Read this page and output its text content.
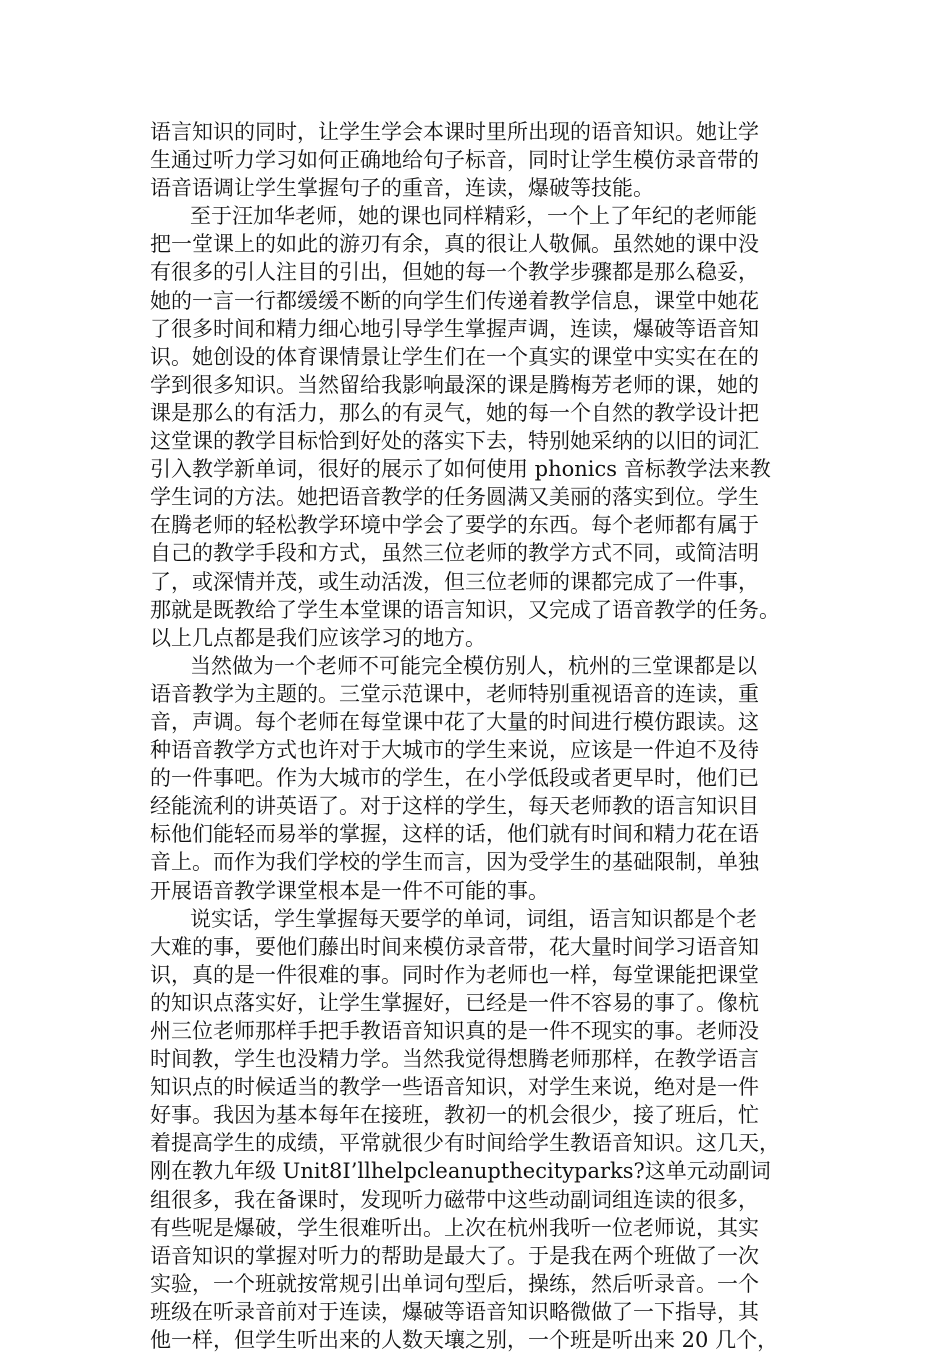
语言知识的同时，让学生学会本课时里所出现的语音知识。她让学
生通过听力学习如何正确地给句子标音，同时让学生模仿录音带的
语音语调让学生掌握句子的重音，连读，爆破等技能。
至于汪加华老师，她的课也同样精彩，一个上了年纪的老师能
把一堂课上的如此的游刃有余，真的很让人敬佩。虽然她的课中没
有很多的引人注目的引出，但她的每一个教学步骤都是那么稳妥，
她的一言一行都缓缓不断的向学生们传递着教学信息，课堂中她花
了很多时间和精力细心地引导学生掌握声调，连读，爆破等语音知
识。她创设的体育课情景让学生们在一个真实的课堂中实实在在的
学到很多知识。当然留给我影响最深的课是腾梅芳老师的课，她的
课是那么的有活力，那么的有灵气，她的每一个自然的教学设计把
这堂课的教学目标恰到好处的落实下去，特别她采纳的以旧的词汇
引入教学新单词，很好的展示了如何使用 phonics 音标教学法来教
学生词的方法。她把语音教学的任务圆满又美丽的落实到位。学生
在腾老师的轻松教学环境中学会了要学的东西。每个老师都有属于
自己的教学手段和方式，虽然三位老师的教学方式不同，或简洁明
了，或深情并茂，或生动活泼，但三位老师的课都完成了一件事，
那就是既教给了学生本堂课的语言知识，又完成了语音教学的任务。
以上几点都是我们应该学习的地方。
当然做为一个老师不可能完全模仿别人，杭州的三堂课都是以
语音教学为主题的。三堂示范课中，老师特别重视语音的连读，重
音，声调。每个老师在每堂课中花了大量的时间进行模仿跟读。这
种语音教学方式也许对于大城市的学生来说，应该是一件迫不及待
的一件事吧。作为大城市的学生，在小学低段或者更早时，他们已
经能流利的讲英语了。对于这样的学生，每天老师教的语言知识目
标他们能轻而易举的掌握，这样的话，他们就有时间和精力花在语
音上。而作为我们学校的学生而言，因为受学生的基础限制，单独
开展语音教学课堂根本是一件不可能的事。
说实话，学生掌握每天要学的单词，词组，语言知识都是个老
大难的事，要他们藤出时间来模仿录音带，花大量时间学习语音知
识，真的是一件很难的事。同时作为老师也一样，每堂课能把课堂
的知识点落实好，让学生掌握好，已经是一件不容易的事了。像杭
州三位老师那样手把手教语音知识真的是一件不现实的事。老师没
时间教，学生也没精力学。当然我觉得想腾老师那样，在教学语言
知识点的时候适当的教学一些语音知识，对学生来说，绝对是一件
好事。我因为基本每年在接班，教初一的机会很少，接了班后，忙
着提高学生的成绩，平常就很少有时间给学生教语音知识。这几天，
刚在教九年级 Unit8I’llhelpcleanupthecityparks?这单元动副词
组很多，我在备课时，发现听力磁带中这些动副词组连读的很多，
有些呢是爆破，学生很难听出。上次在杭州我听一位老师说，其实
语音知识的掌握对听力的帮助是最大了。于是我在两个班做了一次
实验，一个班就按常规引出单词句型后，操练，然后听录音。一个
班级在听录音前对于连读，爆破等语音知识略微做了一下指导，其
他一样，但学生听出来的人数天壤之别，一个班是听出来 20 几个，
